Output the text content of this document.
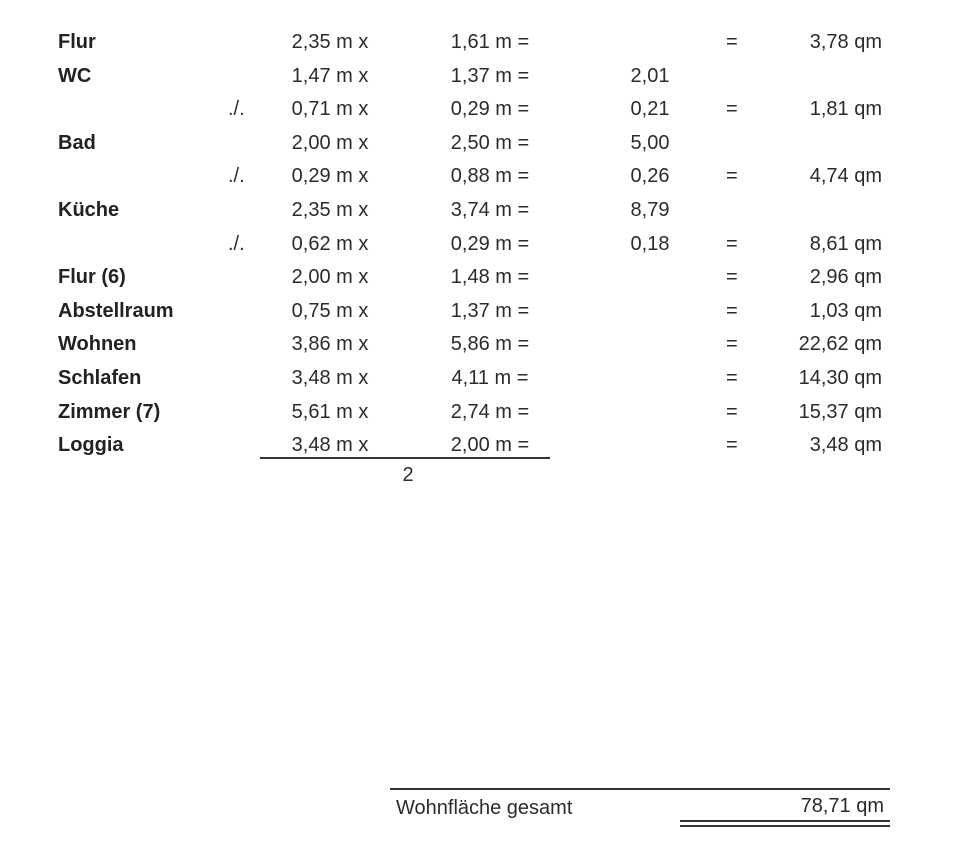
Flur	2,35 m x	1,61 m =	=	3,78 qm
WC	1,47 m x	1,37 m =	2,01
./.	0,71 m x	0,29 m =	0,21	=	1,81 qm
Bad	2,00 m x	2,50 m =	5,00
./.	0,29 m x	0,88 m =	0,26	=	4,74 qm
Küche	2,35 m x	3,74 m =	8,79
./.	0,62 m x	0,29 m =	0,18	=	8,61 qm
Flur (6)	2,00 m x	1,48 m =	=	2,96 qm
Abstellraum	0,75 m x	1,37 m =	=	1,03 qm
Wohnen	3,86 m x	5,86 m =	=	22,62 qm
Schlafen	3,48 m x	4,11 m =	=	14,30 qm
Zimmer (7)	5,61 m x	2,74 m =	=	15,37 qm
Loggia	3,48 m x	2,00 m =	=	3,48 qm
2
Wohnfläche gesamt	78,71 qm
